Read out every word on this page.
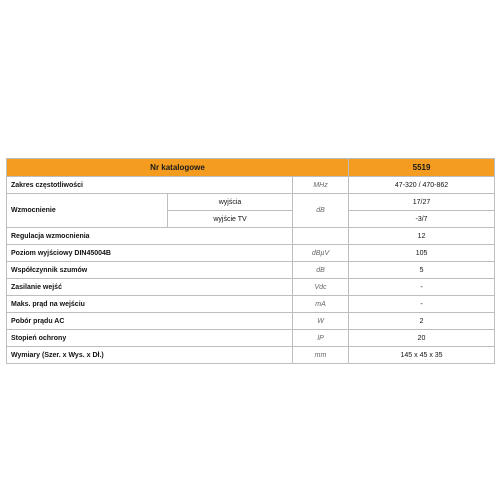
Nr katalogowe			5519
Zakres częstotliwości		MHz	47-320 / 470-862
Wzmocnienie	wyjścia	dB	17/27
	wyjście TV		-3/7
Regulacja wzmocnienia			12
Poziom wyjściowy DIN45004B		dBµV	105
Współczynnik szumów		dB	5
Zasilanie wejść		Vdc	-
Maks. prąd na wejściu		mA	-
Pobór prądu AC		W	2
Stopień ochrony		IP	20
Wymiary (Szer. x Wys. x Dł.)		mm	145 x 45 x 35
